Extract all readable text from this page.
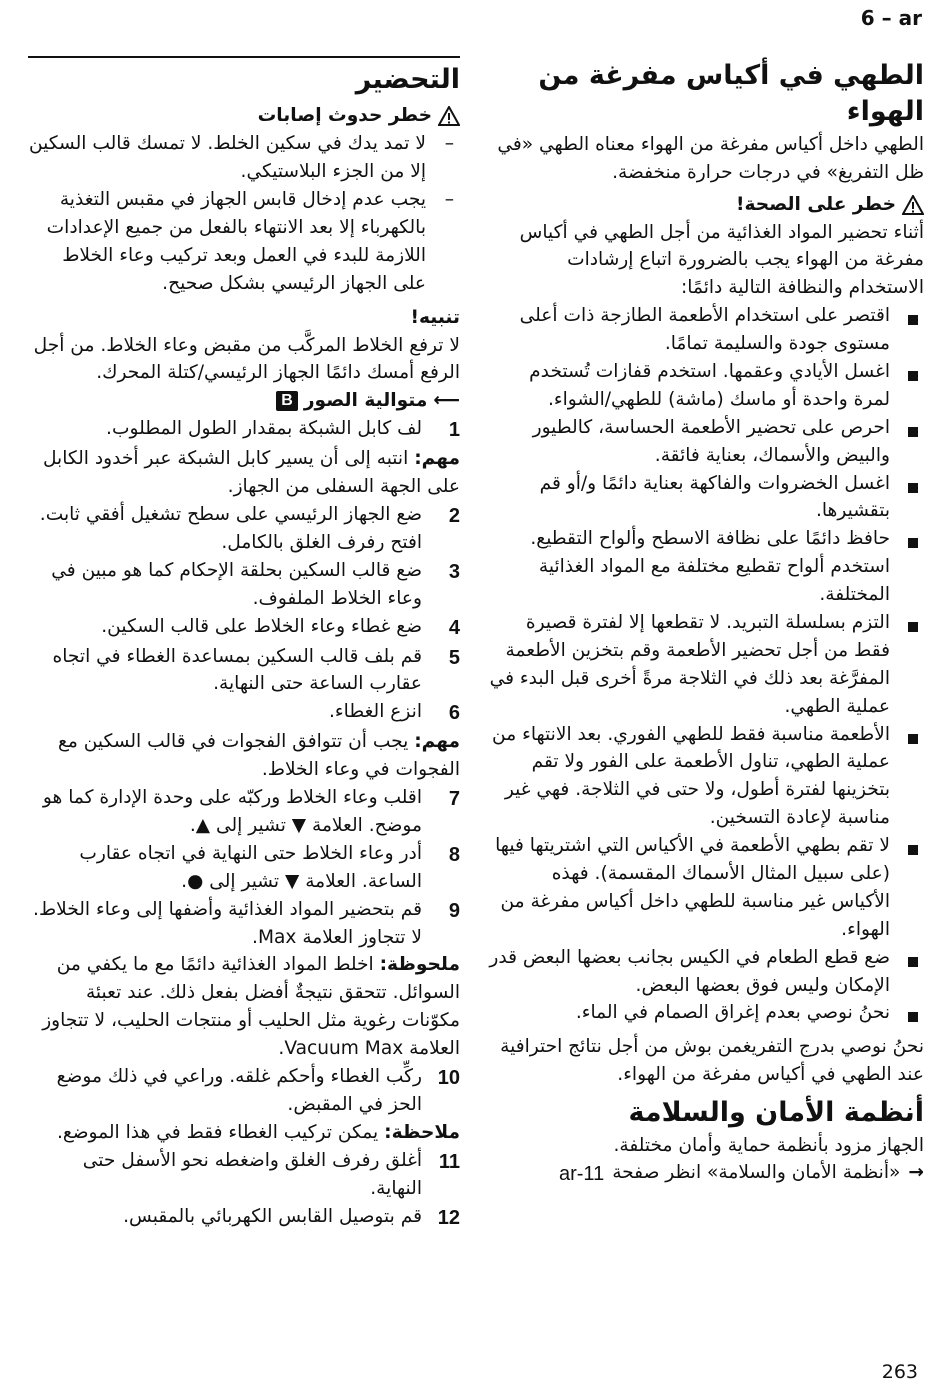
6 – ar
الطهي في أكياس مفرغة من الهواء

الطهي داخل أكياس مفرغة من الهواء معناه الطهي «في ظل التفريغ» في درجات حرارة منخفضة.

خطر على الصحة!

أثناء تحضير المواد الغذائية من أجل الطهي في أكياس مفرغة من الهواء يجب بالضرورة اتباع إرشادات الاستخدام والنظافة التالية دائمًا:

اقتصر على استخدام الأطعمة الطازجة ذات أعلى مستوى جودة والسليمة تمامًا.
اغسل الأيادي وعقمها. استخدم قفازات تُستخدم لمرة واحدة أو ماسك (ماشة) للطهي/الشواء.
احرص على تحضير الأطعمة الحساسة، كالطيور والبيض والأسماك، بعناية فائقة.
اغسل الخضروات والفاكهة بعناية دائمًا و/أو قم بتقشيرها.
حافظ دائمًا على نظافة الاسطح وألواح التقطيع. استخدم ألواح تقطيع مختلفة مع المواد الغذائية المختلفة.
التزم بسلسلة التبريد. لا تقطعها إلا لفترة قصيرة فقط من أجل تحضير الأطعمة وقم بتخزين الأطعمة المفرَّغة بعد ذلك في الثلاجة مرةً أخرى قبل البدء في عملية الطهي.
الأطعمة مناسبة فقط للطهي الفوري. بعد الانتهاء من عملية الطهي، تناول الأطعمة على الفور ولا تقم بتخزينها لفترة أطول، ولا حتى في الثلاجة. فهي غير مناسبة لإعادة التسخين.
لا تقم بطهي الأطعمة في الأكياس التي اشتريتها فيها (على سبيل المثال الأسماك المقسمة). فهذه الأكياس غير مناسبة للطهي داخل أكياس مفرغة من الهواء.
ضع قطع الطعام في الكيس بجانب بعضها البعض قدر الإمكان وليس فوق بعضها البعض.
نحنُ نوصي بعدم إغراق الصمام في الماء.

نحنُ نوصي بدرج التفريغمن بوش من أجل نتائج احترافية عند الطهي في أكياس مفرغة من الهواء.

أنظمة الأمان والسلامة

الجهاز مزود بأنظمة حماية وأمان مختلفة.

→
«أنظمة الأمان والسلامة» انظر صفحة
ar-11
التحضير
خطر حدوث إصابات
– لا تمد يدك في سكين الخلط. لا تمسك قالب السكين إلا من الجزء البلاستيكي.
– يجب عدم إدخال قابس الجهاز في مقبس التغذية بالكهرباء إلا بعد الانتهاء بالفعل من جميع الإعدادات اللازمة للبدء في العمل وبعد تركيب وعاء الخلاط على الجهاز الرئيسي بشكل صحيح.
تنبيه!

لا ترفع الخلاط المركَّب من مقبض وعاء الخلاط. من أجل الرفع أمسك دائمًا الجهاز الرئيسي/كتلة المحرك.

⟵
متوالية الصور
B
1
لف كابل الشبكة بمقدار الطول المطلوب.

مهم: انتبه إلى أن يسير كابل الشبكة عبر أخدود الكابل على الجهة السفلى من الجهاز.

2
ضع الجهاز الرئيسي على سطح تشغيل أفقي ثابت. افتح رفرف الغلق بالكامل.
3
ضع قالب السكين بحلقة الإحكام كما هو مبين في وعاء الخلاط الملفوف.
4
ضع غطاء وعاء الخلاط على قالب السكين.
5
قم بلف قالب السكين بمساعدة الغطاء في اتجاه عقارب الساعة حتى النهاية.
6
انزع الغطاء.

مهم: يجب أن تتوافق الفجوات في قالب السكين مع الفجوات في وعاء الخلاط.

7
اقلب وعاء الخلاط وركبّه على وحدة الإدارة كما هو موضح. العلامة ▼ تشير إلى ▲.
8
أدر وعاء الخلاط حتى النهاية في اتجاه عقارب الساعة. العلامة ▼ تشير إلى ●.
9
قم بتحضير المواد الغذائية وأضفها إلى وعاء الخلاط. لا تتجاوز العلامة Max.

ملحوظة: اخلط المواد الغذائية دائمًا مع ما يكفي من السوائل. تتحقق نتيجةٌ أفضل بفعل ذلك. عند تعبئة مكوّنات رغوية مثل الحليب أو منتجات الحليب، لا تتجاوز العلامة Vacuum Max.

10
ركِّب الغطاء وأحكم غلقه. وراعي في ذلك موضع الحز في المقبض.

ملاحظة: يمكن تركيب الغطاء فقط في هذا الموضع.

11
أغلق رفرف الغلق واضغطه نحو الأسفل حتى النهاية.
12
قم بتوصيل القابس الكهربائي بالمقبس.
263
